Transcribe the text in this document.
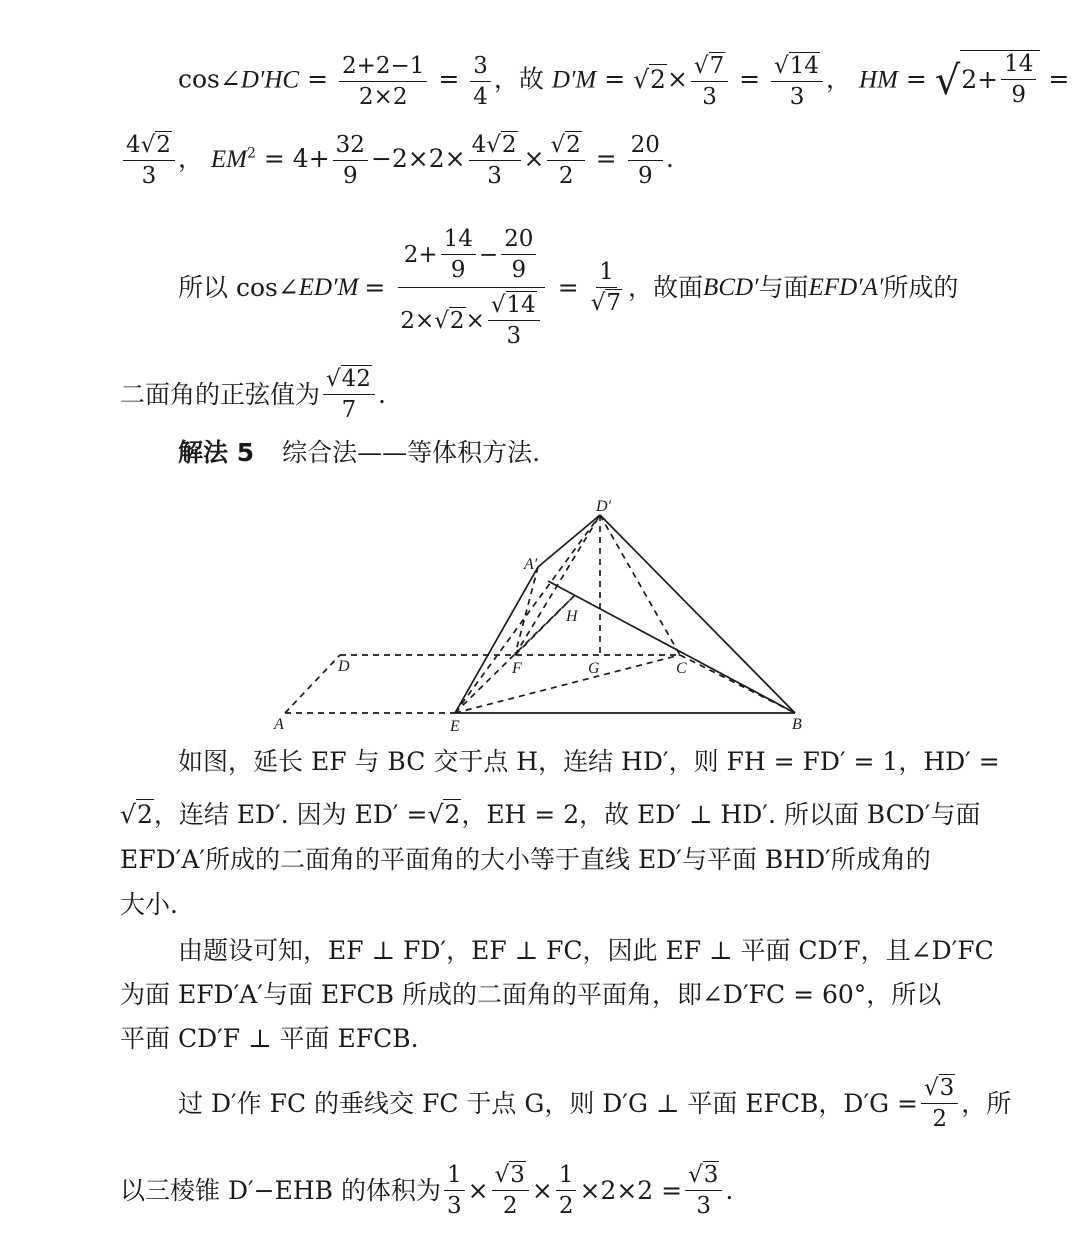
cos∠D′HC = $\frac{2+2-1}{2\times 2} = \frac{3}{4}$ ，故 $D'M = √2\times \frac{√7}{3} = \frac{√14}{3}$ ， HM = √ $2+ \frac{14}{9}$ =
$\frac{4√2}{3}$ ， $EM^2 = 4+ \frac{32}{9} -2\times 2\times \frac{4√2}{3} \times \frac{√2}{2} = \frac{20}{9}$ .
所以 cos∠ $ED'M = \frac{2+ \frac{14}{9} - \frac{20}{9}}{2\times √2 \times \frac{√14}{3}} = \frac{1}{√7}$ ，故面 BCD′ 与面 EFD′A′ 所成的
二面角的正弦值为 $\frac{√42}{7}$ .
解法 5 综合法——等体积方法.
D′
A′
H
D	F	G	C
A	E	B
如图，延长 EF 与 BC 交于点 H，连结 HD′，则 FH = FD′ = 1，HD′ =
√2，连结 ED′. 因为 ED′ =√2，EH = 2，故 ED′ ⊥ HD′. 所以面 BCD′与面
EFD′A′所成的二面角的平面角的大小等于直线 ED′与平面 BHD′所成角的
大小.
由题设可知，EF ⊥ FD′，EF ⊥ FC，因此 EF ⊥ 平面 CD′F，且∠D′FC
为面 EFD′A′与面 EFCB 所成的二面角的平面角，即∠D′FC = 60°，所以
平面 CD′F ⊥ 平面 EFCB.
过 D′作 FC 的垂线交 FC 于点 G，则 D′G ⊥ 平面 EFCB，$D'G = \frac{√3}{2}$ ，所
以三棱锥 D′−EHB 的体积为 $\frac{1}{3} \times \frac{√3}{2} \times \frac{1}{2} \times 2\times 2 = \frac{√3}{3}$ .
